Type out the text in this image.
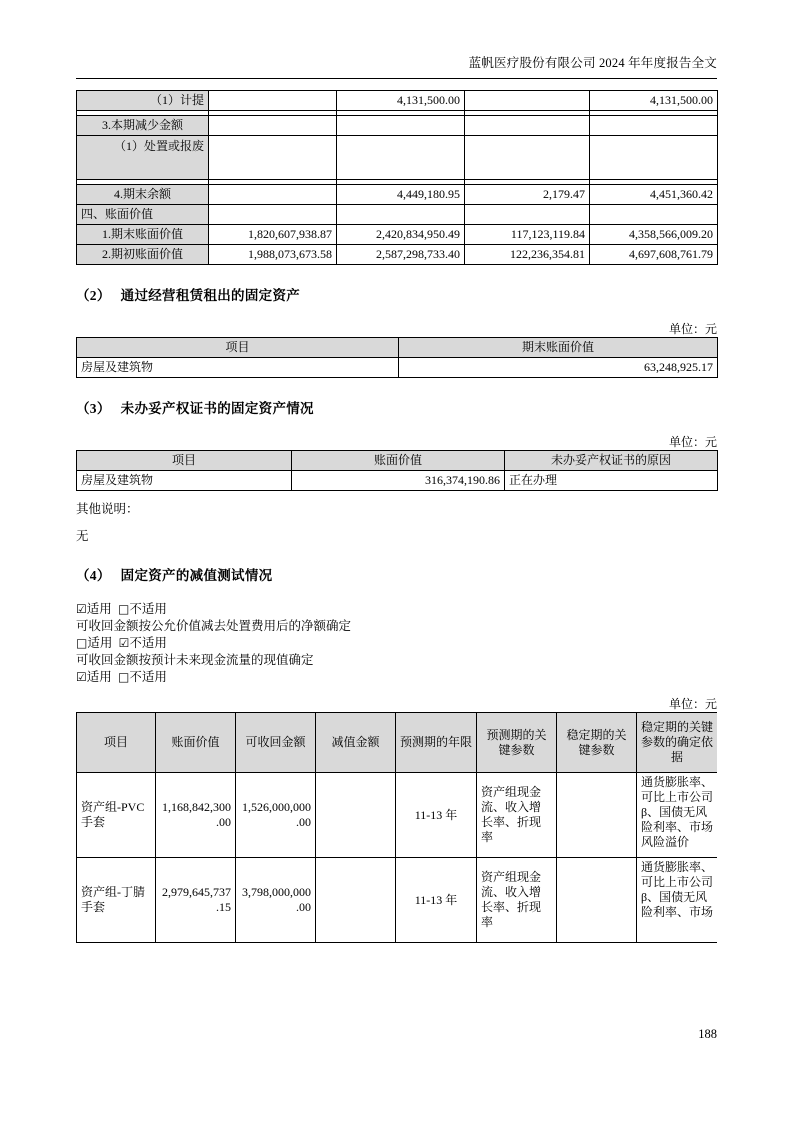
蓝帆医疗股份有限公司 2024 年年度报告全文
（1）计提		4,131,500.00		4,131,500.00

3.本期减少金额				
（1）处置或报废				

4.期末余额		4,449,180.95	2,179.47	4,451,360.42
四、账面价值				
1.期末账面价值	1,820,607,938.87	2,420,834,950.49	117,123,119.84	4,358,566,009.20
2.期初账面价值	1,988,073,673.58	2,587,298,733.40	122,236,354.81	4,697,608,761.79

（2） 通过经营租赁租出的固定资产

单位：元

项目	期末账面价值
房屋及建筑物	63,248,925.17

（3） 未办妥产权证书的固定资产情况

单位：元

项目	账面价值	未办妥产权证书的原因
房屋及建筑物	316,374,190.86	正在办理

其他说明：

无

（4） 固定资产的减值测试情况

☑适用 □不适用

可收回金额按公允价值减去处置费用后的净额确定

□适用 ☑不适用

可收回金额按预计未来现金流量的现值确定

☑适用 □不适用

单位：元

项目	账面价值	可收回金额	减值金额	预测期的年限	预测期的关键参数	稳定期的关键参数	稳定期的关键参数的确定依据
资产组-PVC手套	1,168,842,300.00	1,526,000,000.00		11-13 年	资产组现金流、收入增长率、折现率		通货膨胀率、可比上市公司β、国债无风险利率、市场风险溢价
资产组-丁腈手套	2,979,645,737.15	3,798,000,000.00		11-13 年	资产组现金流、收入增长率、折现率		通货膨胀率、可比上市公司β、国债无风险利率、市场
188
